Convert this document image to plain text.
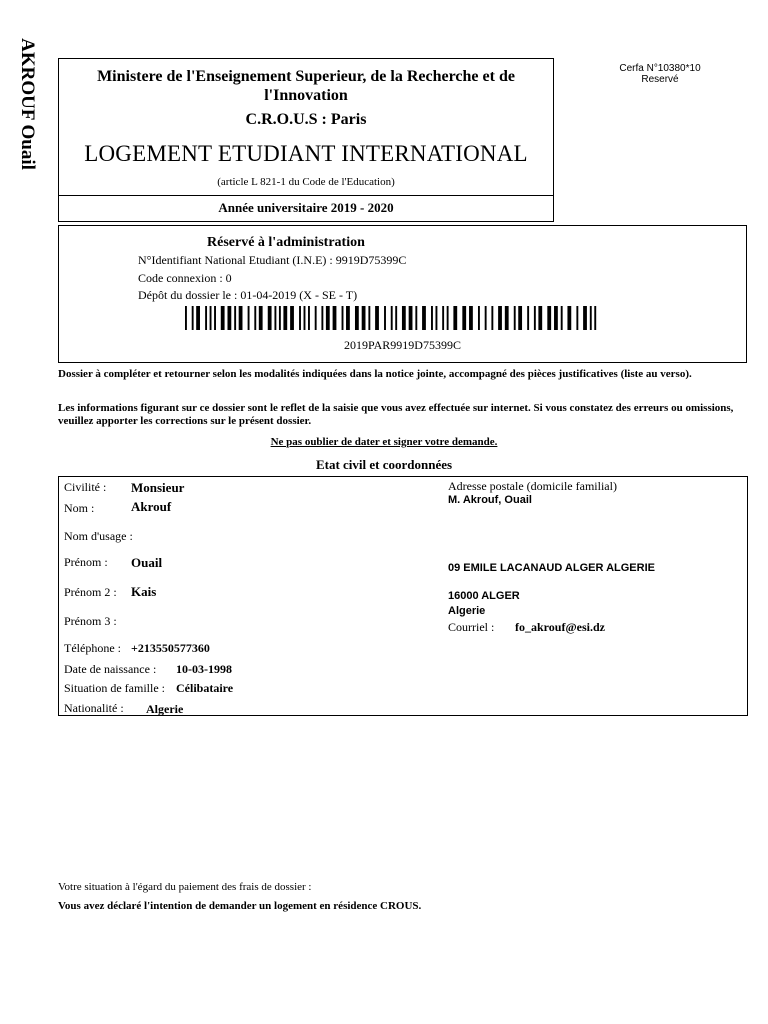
AKROUF Ouail	Cerfa N°10380*10
Reservé
Ministere de l'Enseignement Superieur, de la Recherche et de l'Innovation
C.R.O.U.S : Paris
LOGEMENT ETUDIANT INTERNATIONAL
(article L 821-1 du Code de l'Education)
Année universitaire 2019 - 2020
Réservé à l'administration
N°Identifiant National Etudiant (I.N.E) : 9919D75399C
Code connexion : 0
Dépôt du dossier le : 01-04-2019 (X - SE - T)
2019PAR9919D75399C
Dossier à compléter et retourner selon les modalités indiquées dans la notice jointe, accompagné des pièces justificatives (liste au verso).
Les informations figurant sur ce dossier sont le reflet de la saisie que vous avez effectuée sur internet. Si vous constatez des erreurs ou omissions, veuillez apporter les corrections sur le présent dossier.
Ne pas oublier de dater et signer votre demande.
Etat civil et coordonnées
Civilité : Monsieur
Nom :	Akrouf
Nom d'usage :
Prénom : Ouail
Prénom 2 : Kais
Prénom 3 :
Téléphone : +213550577360
Date de naissance : 10-03-1998
Situation de famille : Célibataire
Nationalité : Algerie
Adresse postale (domicile familial)
M. Akrouf, Ouail
09 EMILE LACANAUD ALGER ALGERIE
16000 ALGER
Algerie
Courriel : fo_akrouf@esi.dz
Votre situation à l'égard du paiement des frais de dossier :
Vous avez déclaré l'intention de demander un logement en résidence CROUS.
